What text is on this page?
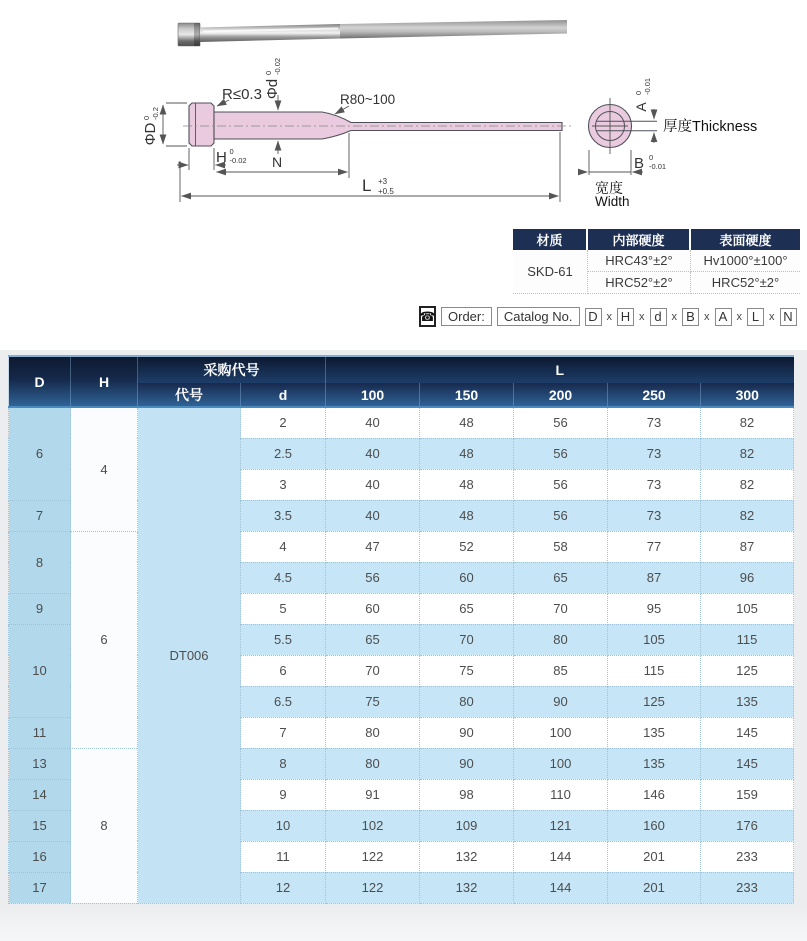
ΦD
0 -0.2
R≤0.3 Φd
0 -0.02
R80~100
H 0
-0.02 N
L +3
+0.5
A
0 -0.01
厚度Thickness
B 0
-0.01
宽度
Width
材质	内部硬度	表面硬度
SKD-61	HRC43°±2°	Hv1000°±100°
	HRC52°±2°	HRC52°±2°
☎ Order:	Catalog No.	D x H x d x B x A x L x N
D	H	采购代号		L				
		代号	d	100	150	200	250	300
6	4	DT006	2	40	48	56	73	82
			2.5	40	48	56	73	82
			3	40	48	56	73	82
7			3.5	40	48	56	73	82
8	6		4	47	52	58	77	87
			4.5	56	60	65	87	96
9			5	60	65	70	95	105
10			5.5	65	70	80	105	115
			6	70	75	85	115	125
			6.5	75	80	90	125	135
11			7	80	90	100	135	145
13	8		8	80	90	100	135	145
14			9	91	98	110	146	159
15			10	102	109	121	160	176
16			11	122	132	144	201	233
17			12	122	132	144	201	233
